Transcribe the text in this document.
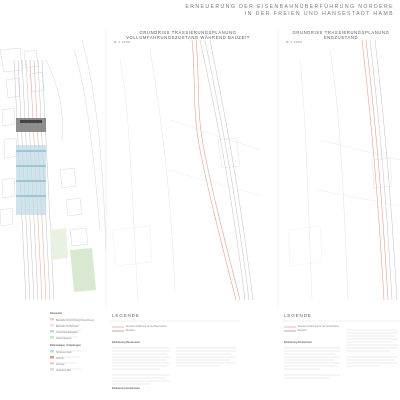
ERNEUERUNG DER EISENBAHNÜBERFÜHRUNG NORDERE
IN DER FREIEN UND HANSESTADT HAMB
GRUNDRISS TRASSIERUNGSPLANUNG
VOLLUMFAHRUNGSZUSTAND WÄHREND BAUZEIT
M 1:2000
GRUNDRISS TRASSIERUNGSPLANUNG
ENDZUSTAND
M 1:2000
Bauzustän
Baustelle für Errichtung Unterführung
Baustelle für Bahnbau
Temporäre Bauwerke
Gleisumlegung
Bahnanlagen, Umleitungen
Schienenersatz
Verkehr
Fußweg
Umleitung Bus
LEGENDE
Streckenumfahrung für den Bauzustand
Bestand
Erläuterung Bauzustand
Erläuterung Endzustand
LEGENDE
Streckenumfahrung für den Endzustand
Bestand
Erläuterung Endzustand
